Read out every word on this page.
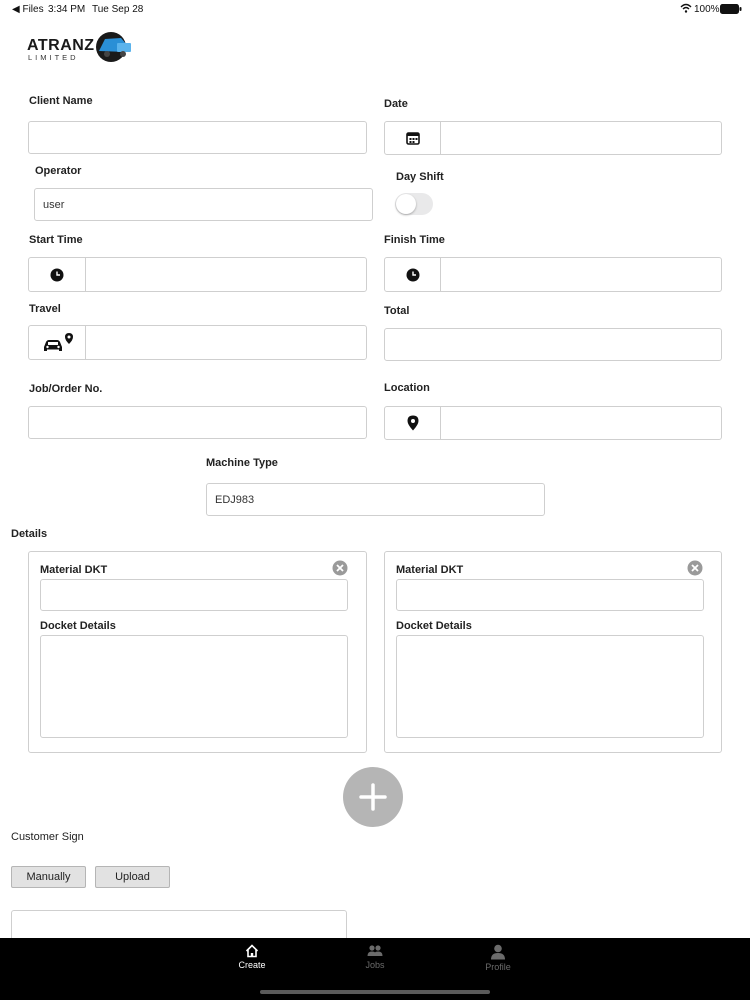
◀ Files 3:34 PM Tue Sep 28	100%
ATRANZ
LIMITED
Client Name	Date
Operator
user
Day Shift
Start Time	Finish Time
Travel	Total
Job/Order No.	Location
Machine Type
EDJ983
Details
Material DKT
Docket Details
Material DKT
Docket Details
Customer Sign
Manually	Upload
Create	Jobs	Profile
